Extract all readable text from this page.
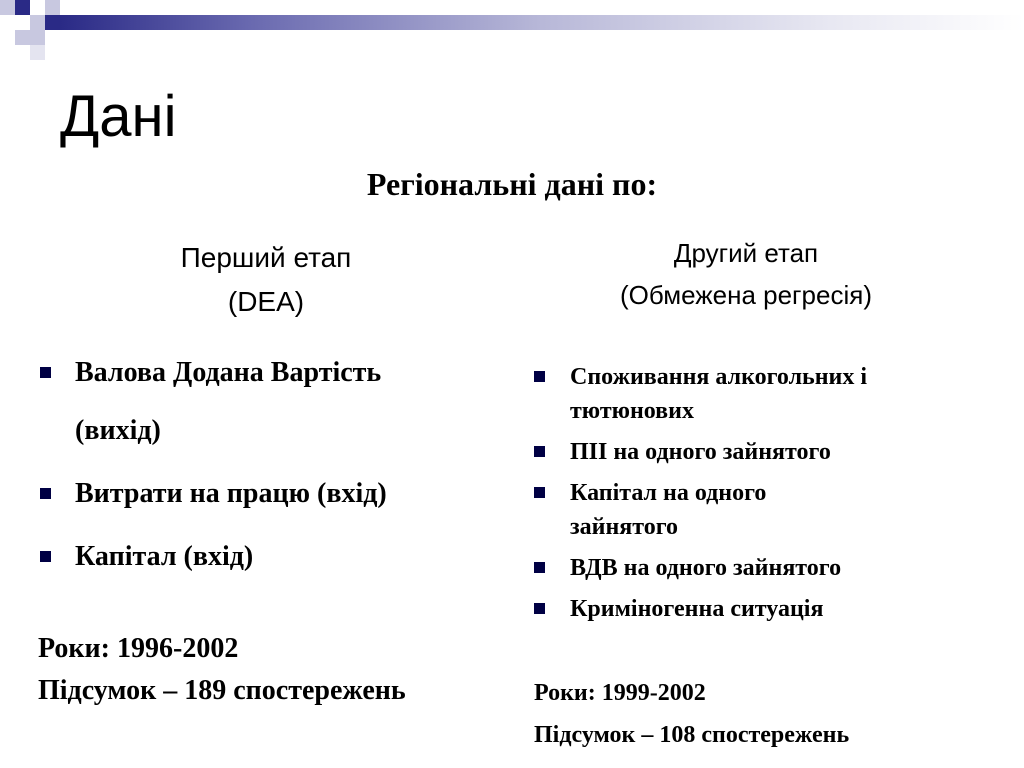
Дані
Регіональні дані по:
Перший етап
(DEA)
Другий етап
(Обмежена регресія)
Валова Додана Вартість
(вихід)
Витрати на працю (вхід)
Капітал (вхід)
Споживання алкогольних і
тютюнових
ПІІ на одного зайнятого
Капітал на одного
зайнятого
ВДВ на одного зайнятого
Криміногенна ситуація
Роки: 1996-2002
Підсумок – 189 спостережень	Роки: 1999-2002
Підсумок – 108 спостережень
